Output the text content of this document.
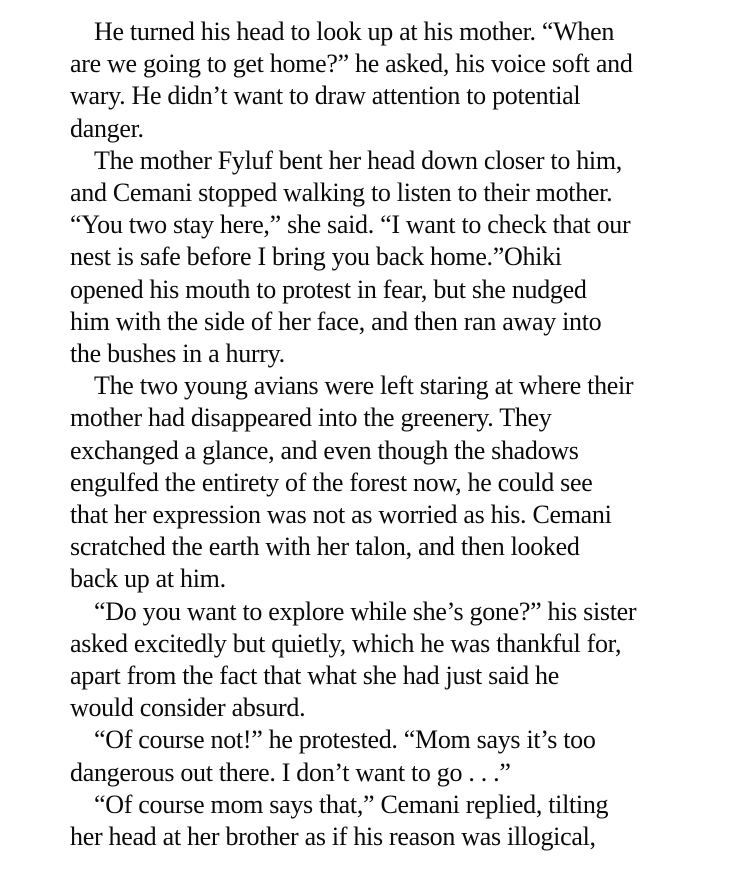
He turned his head to look up at his mother. “When
are we going to get home?” he asked, his voice soft and
wary. He didn’t want to draw attention to potential
danger.
The mother Fyluf bent her head down closer to him,
and Cemani stopped walking to listen to their mother.
“You two stay here,” she said. “I want to check that our
nest is safe before I bring you back home.”Ohiki
opened his mouth to protest in fear, but she nudged
him with the side of her face, and then ran away into
the bushes in a hurry.
The two young avians were left staring at where their
mother had disappeared into the greenery. They
exchanged a glance, and even though the shadows
engulfed the entirety of the forest now, he could see
that her expression was not as worried as his. Cemani
scratched the earth with her talon, and then looked
back up at him.
“Do you want to explore while she’s gone?” his sister
asked excitedly but quietly, which he was thankful for,
apart from the fact that what she had just said he
would consider absurd.
“Of course not!” he protested. “Mom says it’s too
dangerous out there. I don’t want to go . . .”
“Of course mom says that,” Cemani replied, tilting
her head at her brother as if his reason was illogical,
